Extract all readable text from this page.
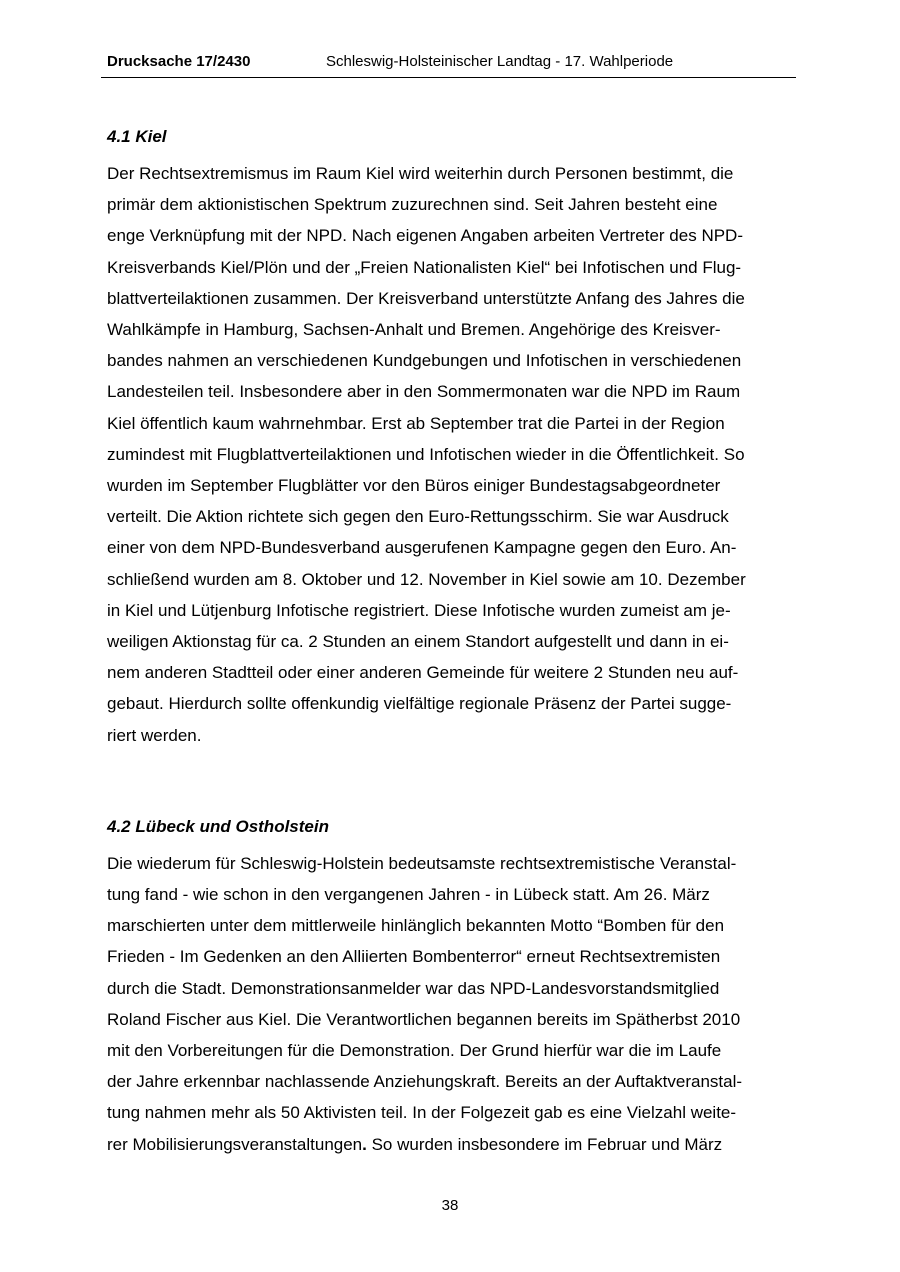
Drucksache 17/2430	Schleswig-Holsteinischer Landtag - 17. Wahlperiode
4.1 Kiel

Der Rechtsextremismus im Raum Kiel wird weiterhin durch Personen bestimmt, die
primär dem aktionistischen Spektrum zuzurechnen sind. Seit Jahren besteht eine
enge Verknüpfung mit der NPD. Nach eigenen Angaben arbeiten Vertreter des NPD-
Kreisverbands Kiel/Plön und der „Freien Nationalisten Kiel“ bei Infotischen und Flug-
blattverteilaktionen zusammen. Der Kreisverband unterstützte Anfang des Jahres die
Wahlkämpfe in Hamburg, Sachsen-Anhalt und Bremen. Angehörige des Kreisver-
bandes nahmen an verschiedenen Kundgebungen und Infotischen in verschiedenen
Landesteilen teil. Insbesondere aber in den Sommermonaten war die NPD im Raum
Kiel öffentlich kaum wahrnehmbar. Erst ab September trat die Partei in der Region
zumindest mit Flugblattverteilaktionen und Infotischen wieder in die Öffentlichkeit. So
wurden im September Flugblätter vor den Büros einiger Bundestagsabgeordneter
verteilt. Die Aktion richtete sich gegen den Euro-Rettungsschirm. Sie war Ausdruck
einer von dem NPD-Bundesverband ausgerufenen Kampagne gegen den Euro. An-
schließend wurden am 8. Oktober und 12. November in Kiel sowie am 10. Dezember
in Kiel und Lütjenburg Infotische registriert. Diese Infotische wurden zumeist am je-
weiligen Aktionstag für ca. 2 Stunden an einem Standort aufgestellt und dann in ei-
nem anderen Stadtteil oder einer anderen Gemeinde für weitere 2 Stunden neu auf-
gebaut. Hierdurch sollte offenkundig vielfältige regionale Präsenz der Partei sugge-
riert werden.

4.2 Lübeck und Ostholstein

Die wiederum für Schleswig-Holstein bedeutsamste rechtsextremistische Veranstal-
tung fand - wie schon in den vergangenen Jahren - in Lübeck statt. Am 26. März
marschierten unter dem mittlerweile hinlänglich bekannten Motto “Bomben für den
Frieden - Im Gedenken an den Alliierten Bombenterror“ erneut Rechtsextremisten
durch die Stadt. Demonstrationsanmelder war das NPD-Landesvorstandsmitglied
Roland Fischer aus Kiel. Die Verantwortlichen begannen bereits im Spätherbst 2010
mit den Vorbereitungen für die Demonstration. Der Grund hierfür war die im Laufe
der Jahre erkennbar nachlassende Anziehungskraft. Bereits an der Auftaktveranstal-
tung nahmen mehr als 50 Aktivisten teil. In der Folgezeit gab es eine Vielzahl weite-
rer Mobilisierungsveranstaltungen. So wurden insbesondere im Februar und März

38
